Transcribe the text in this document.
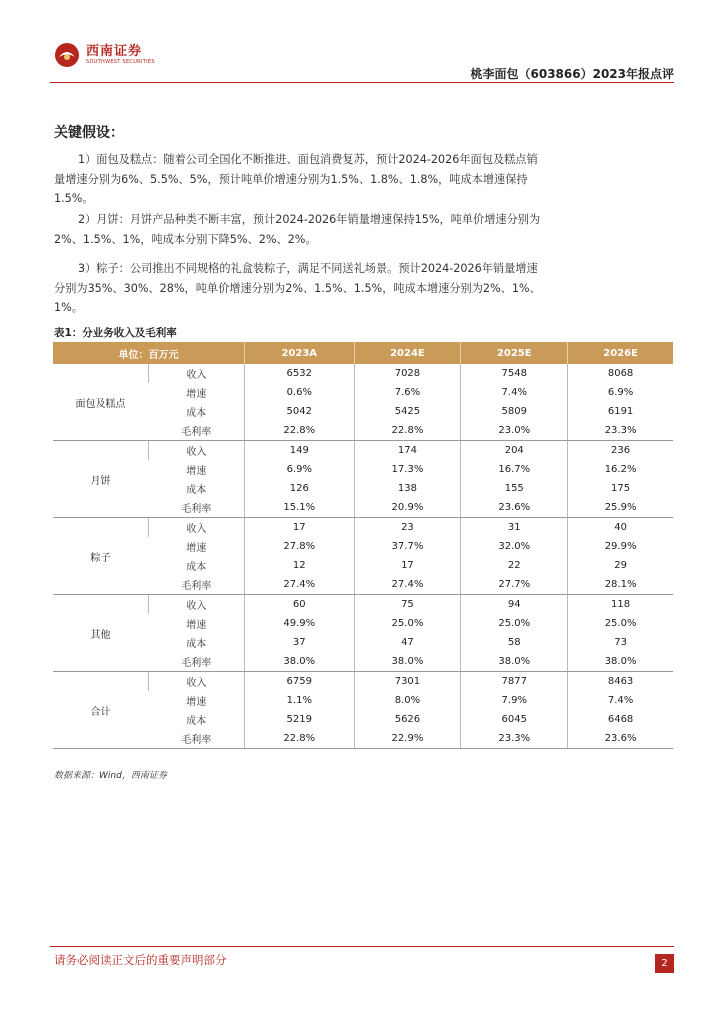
西南证券
SOUTHWEST SECURITIES
桃李面包（603866）2023年报点评
关键假设：
1）面包及糕点：随着公司全国化不断推进、面包消费复苏，预计2024-2026年面包及糕点销量增速分别为6%、5.5%、5%，预计吨单价增速分别为1.5%、1.8%、1.8%，吨成本增速保持1.5%。
2）月饼：月饼产品种类不断丰富，预计2024-2026年销量增速保持15%，吨单价增速分别为2%、1.5%、1%，吨成本分别下降5%、2%、2%。
3）粽子：公司推出不同规格的礼盒装粽子，满足不同送礼场景。预计2024-2026年销量增速分别为35%、30%、28%，吨单价增速分别为2%、1.5%、1.5%，吨成本增速分别为2%、1%、1%。
表1：分业务收入及毛利率
单位：百万元		2023A	2024E	2025E	2026E
面包及糕点	收入	6532	7028	7548	8068
	增速	0.6%	7.6%	7.4%	6.9%
	成本	5042	5425	5809	6191
	毛利率	22.8%	22.8%	23.0%	23.3%
月饼	收入	149	174	204	236
	增速	6.9%	17.3%	16.7%	16.2%
	成本	126	138	155	175
	毛利率	15.1%	20.9%	23.6%	25.9%
粽子	收入	17	23	31	40
	增速	27.8%	37.7%	32.0%	29.9%
	成本	12	17	22	29
	毛利率	27.4%	27.4%	27.7%	28.1%
其他	收入	60	75	94	118
	增速	49.9%	25.0%	25.0%	25.0%
	成本	37	47	58	73
	毛利率	38.0%	38.0%	38.0%	38.0%
合计	收入	6759	7301	7877	8463
	增速	1.1%	8.0%	7.9%	7.4%
	成本	5219	5626	6045	6468
	毛利率	22.8%	22.9%	23.3%	23.6%
数据来源：Wind，西南证券
请务必阅读正文后的重要声明部分	2
